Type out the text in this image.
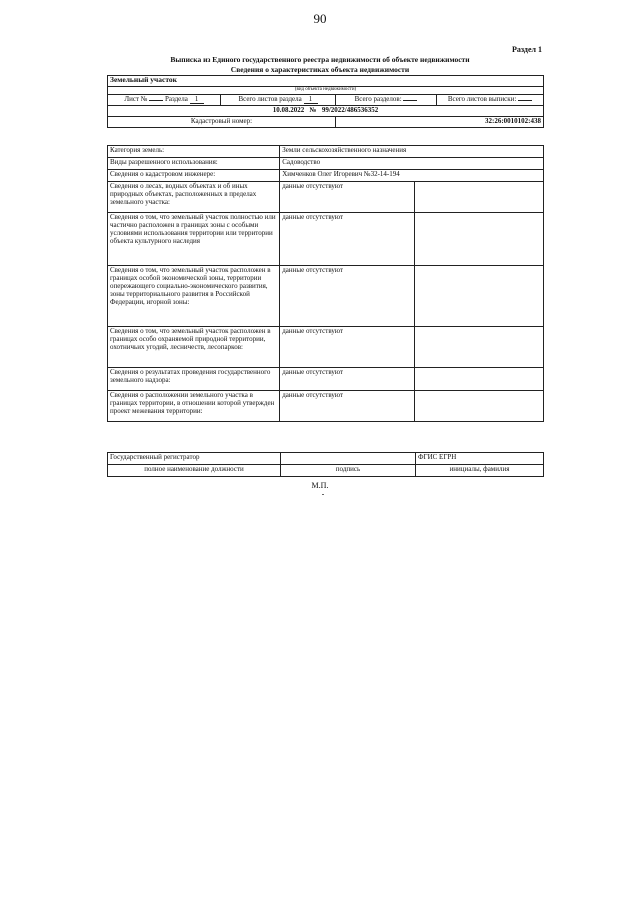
90
Раздел 1
Выписка из Единого государственного реестра недвижимости об объекте недвижимости
Сведения о характеристиках объекта недвижимости
Земельный участок			
(вид объекта недвижимости)			
Лист № Раздела 1	Всего листов раздела 1	Всего разделов:	Всего листов выписки:
10.08.2022 № 99/2022/486536352			
Кадастровый номер:		32:26:0010102:438	
Категория земель:	Земли сельскохозяйственного назначения	
Виды разрешенного использования:	Садоводство	
Сведения о кадастровом инженере:	Химченков Олег Игоревич №32-14-194	
Сведения о лесах, водных объектах и об иных природных объектах, расположенных в пределах земельного участка:	данные отсутствуют	
Сведения о том, что земельный участок полностью или частично расположен в границах зоны с особыми условиями использования территории или территории объекта культурного наследия	данные отсутствуют	
Сведения о том, что земельный участок расположен в границах особой экономической зоны, территории опережающего социально-экономического развития, зоны территориального развития в Российской Федерации, игорной зоны:	данные отсутствуют	
Сведения о том, что земельный участок расположен в границах особо охраняемой природной территории, охотничьих угодий, лесничеств, лесопарков:	данные отсутствуют	
Сведения о результатах проведения государственного земельного надзора:	данные отсутствуют	
Сведения о расположении земельного участка в границах территории, в отношении которой утвержден проект межевания территории:	данные отсутствуют	
Государственный регистратор		ФГИС ЕГРН
полное наименование должности	подпись	инициалы, фамилия
М.П.
